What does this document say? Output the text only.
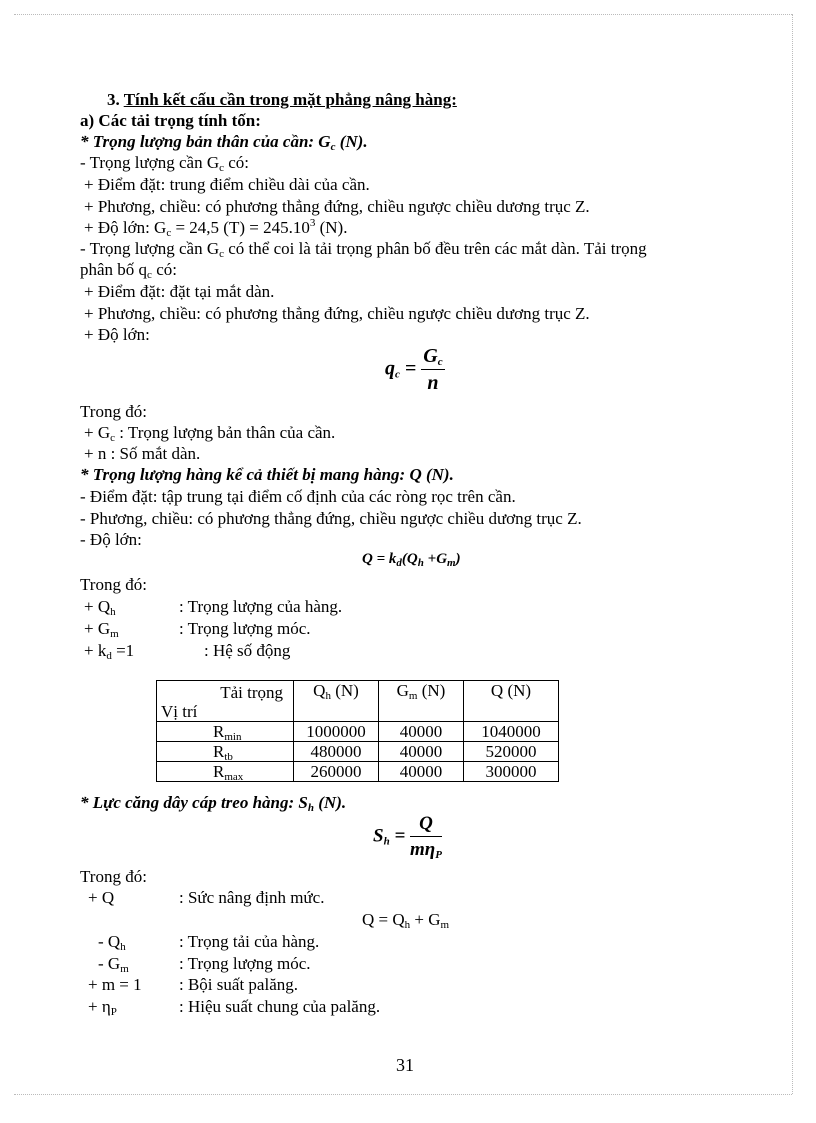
3. Tính kết cấu cần trong mặt phẳng nâng hàng:
a) Các tải trọng tính tốn:
* Trọng lượng bản thân của cần: $G_c$ (N).
- Trọng lượng cần $G_c$ có:
+ Điểm đặt: trung điểm chiều dài của cần.
+ Phương, chiều: có phương thẳng đứng, chiều ngược chiều dương trục Z.
+ Độ lớn: $G_c = 24,5$ $(T) = 245.10^3$ (N).
- Trọng lượng cần $G_c$ có thể coi là tải trọng phân bố đều trên các mắt dàn. Tải trọng
phân bố $q_c$ có:
+ Điểm đặt: đặt tại mắt dàn.
+ Phương, chiều: có phương thẳng đứng, chiều ngược chiều dương trục Z.
+ Độ lớn:
$q_c = \frac{G_c}{n}$
Trong đó:
+ $G_c$ : Trọng lượng bản thân của cần.
+ n : Số mắt dàn.
* Trọng lượng hàng kể cả thiết bị mang hàng: Q (N).
- Điểm đặt: tập trung tại điểm cố định của các ròng rọc trên cần.
- Phương, chiều: có phương thẳng đứng, chiều ngược chiều dương trục Z.
- Độ lớn:
$Q = k_d(Q_h +G_m)$
Trong đó:
+ $Q_h$	: Trọng lượng của hàng.
+ $G_m$	: Trọng lượng móc.
+ $k_d =1$	: Hệ số động
Tải trọng
Vị trí	$Q_h$ (N)	$G_m$ (N)	Q (N)
$R_{min}$	1000000	40000	1040000
$R_{tb}$	480000	40000	520000
$R_{max}$	260000	40000	300000
* Lực căng dây cáp treo hàng: $S_h$ (N).
$S_h = \frac{Q}{m\eta_P}$
Trong đó:
+ Q	: Sức nâng định mức.
$Q = Q_h + G_m$
- $Q_h$	: Trọng tải của hàng.
- $G_m$	: Trọng lượng móc.
+ m = 1 : Bội suất palăng.
+ $\eta_P$	: Hiệu suất chung của palăng.
31
